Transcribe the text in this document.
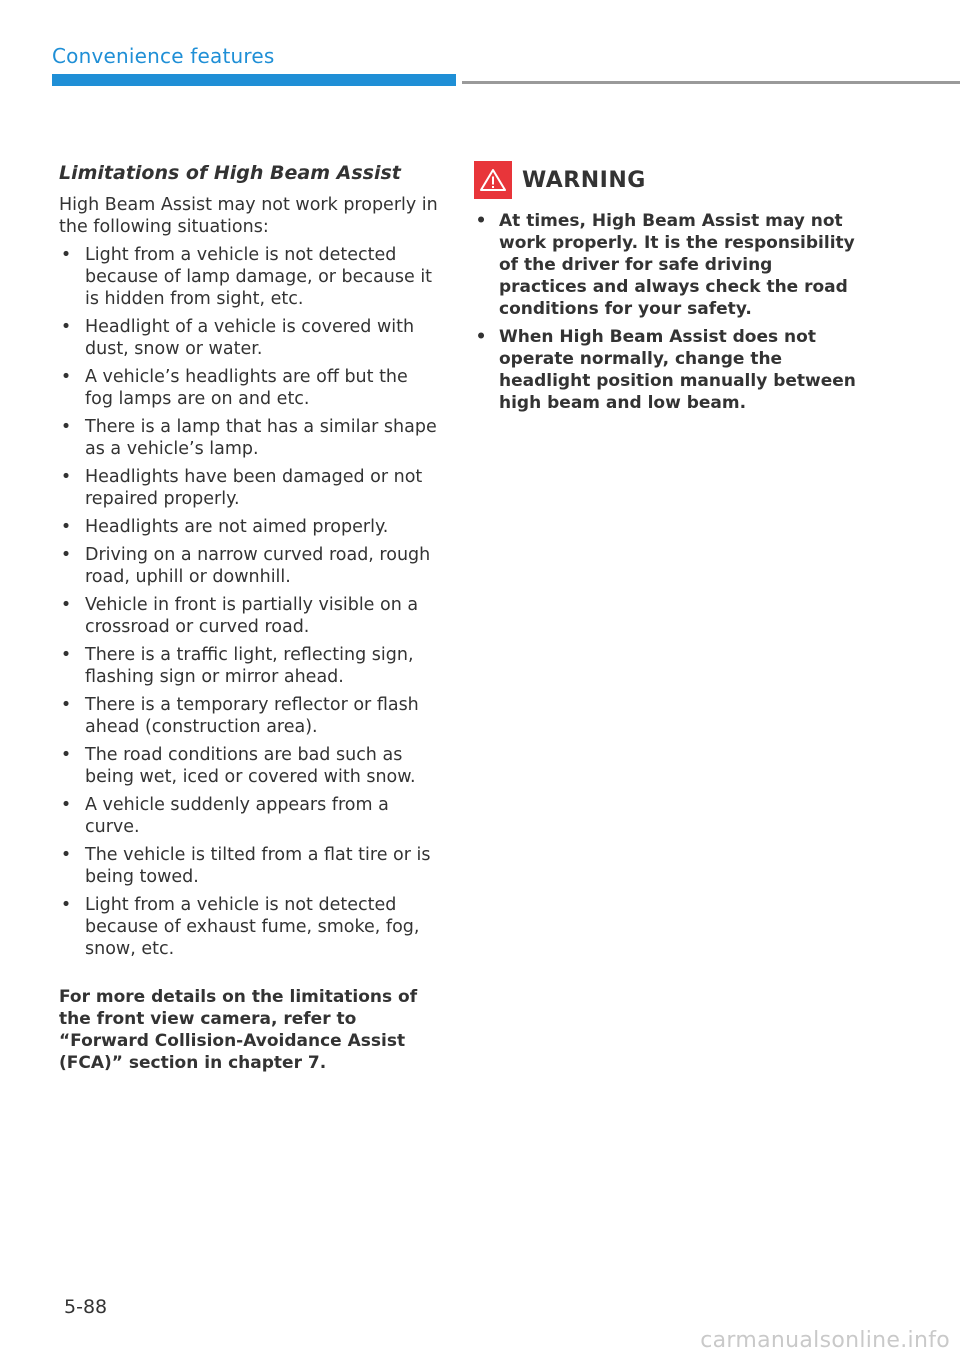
Convenience features
Limitations of High Beam Assist
High Beam Assist may not work properly in the following situations:
• Light from a vehicle is not detected because of lamp damage, or because it is hidden from sight, etc.
• Headlight of a vehicle is covered with dust, snow or water.
• A vehicle’s headlights are off but the fog lamps are on and etc.
• There is a lamp that has a similar shape as a vehicle’s lamp.
• Headlights have been damaged or not repaired properly.
• Headlights are not aimed properly.
• Driving on a narrow curved road, rough road, uphill or downhill.
• Vehicle in front is partially visible on a crossroad or curved road.
• There is a traffic light, reflecting sign, flashing sign or mirror ahead.
• There is a temporary reflector or flash ahead (construction area).
• The road conditions are bad such as being wet, iced or covered with snow.
• A vehicle suddenly appears from a curve.
• The vehicle is tilted from a flat tire or is being towed.
• Light from a vehicle is not detected because of exhaust fume, smoke, fog, snow, etc.
For more details on the limitations of the front view camera, refer to “Forward Collision-Avoidance Assist (FCA)” section in chapter 7.
WARNING
• At times, High Beam Assist may not work properly. It is the responsibility of the driver for safe driving practices and always check the road conditions for your safety.
• When High Beam Assist does not operate normally, change the headlight position manually between high beam and low beam.
5-88
carmanualsonline.info
